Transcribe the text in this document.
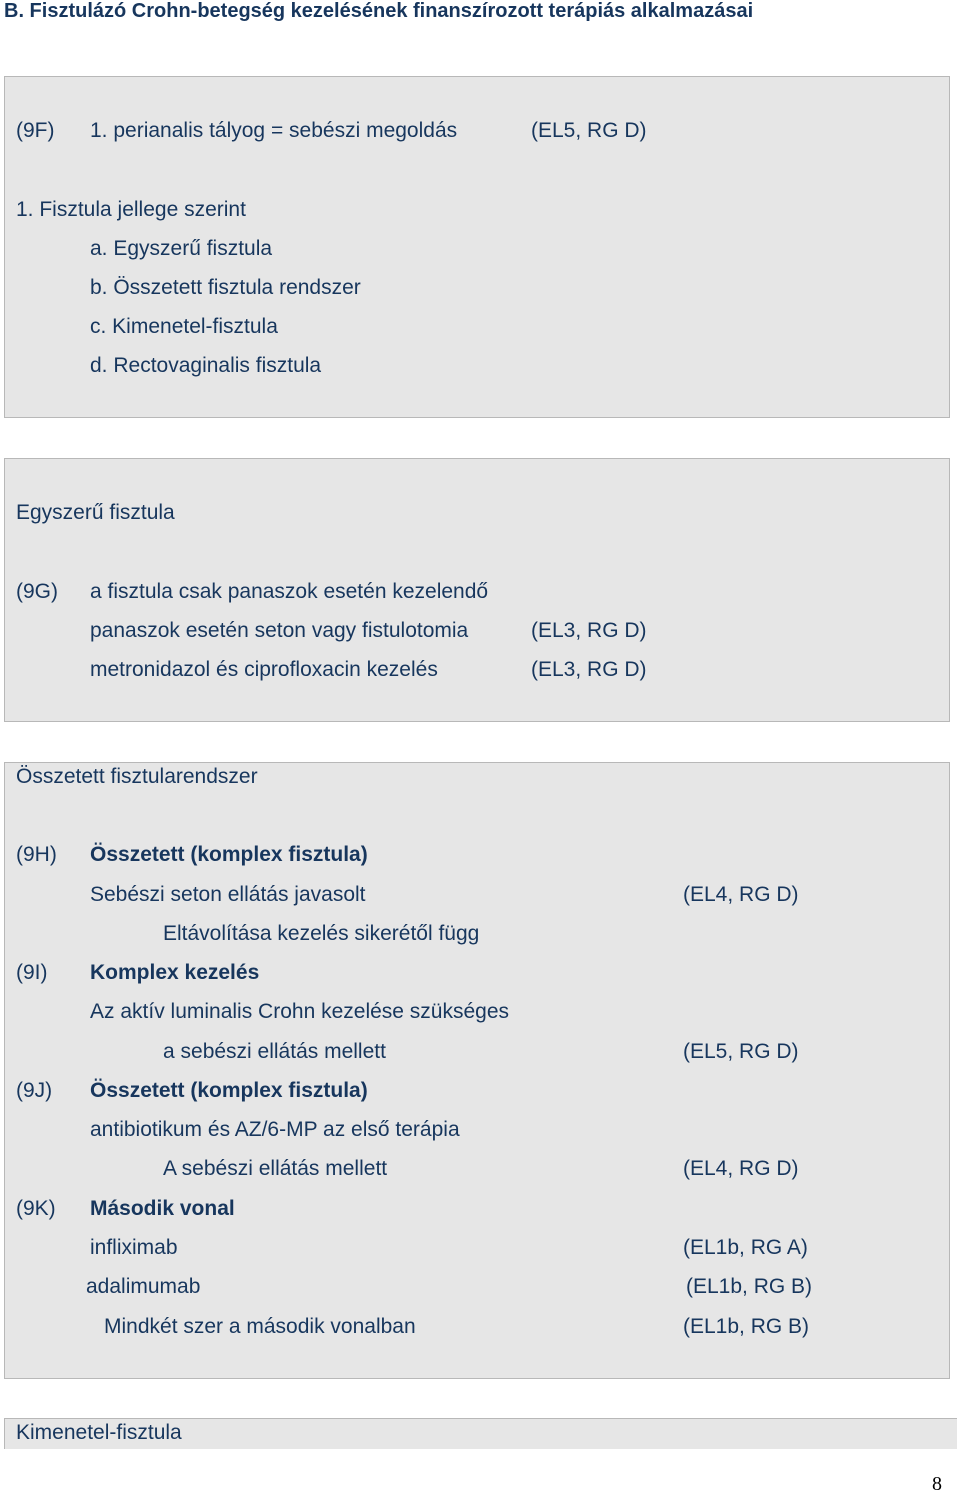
B. Fisztulázó Crohn-betegség kezelésének finanszírozott terápiás alkalmazásai
(9F) 1. perianalis tályog = sebészi megoldás	(EL5, RG D)
1. Fisztula jellege szerint
a. Egyszerű fisztula
b. Összetett fisztula rendszer
c. Kimenetel-fisztula
d. Rectovaginalis fisztula
Egyszerű fisztula
(9G) a fisztula csak panaszok esetén kezelendő
panaszok esetén seton vagy fistulotomia	(EL3, RG D)
metronidazol és ciprofloxacin kezelés	(EL3, RG D)
Összetett fisztularendszer
(9H) Összetett (komplex fisztula)
Sebészi seton ellátás javasolt	(EL4, RG D)
Eltávolítása kezelés sikerétől függ
(9I) Komplex kezelés
Az aktív luminalis Crohn kezelése szükséges
a sebészi ellátás mellett	(EL5, RG D)
(9J) Összetett (komplex fisztula)
antibiotikum és AZ/6-MP az első terápia
A sebészi ellátás mellett	(EL4, RG D)
(9K) Második vonal
infliximab	(EL1b, RG A)
adalimumab	(EL1b, RG B)
Mindkét szer a második vonalban	(EL1b, RG B)
Kimenetel-fisztula
8
